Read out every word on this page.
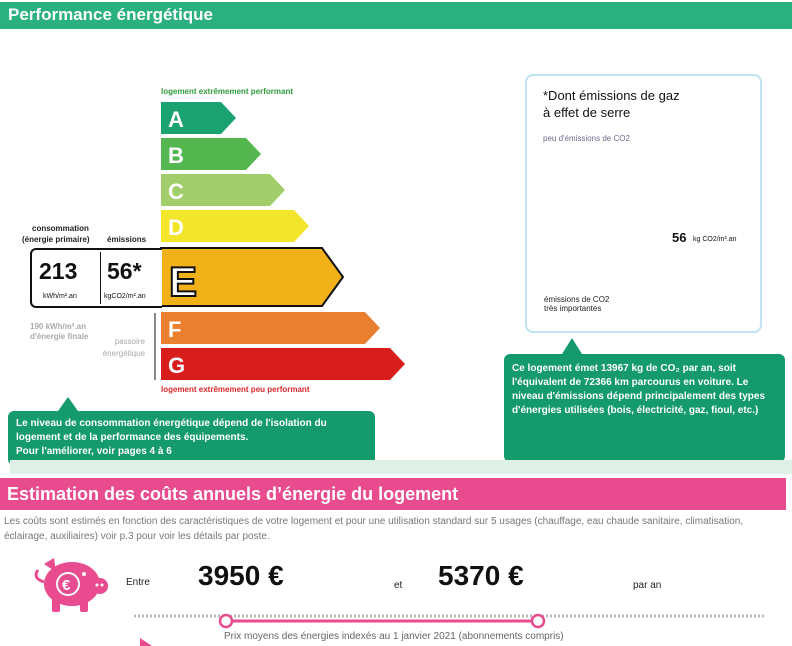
Performance énergétique
logement extrêmement performant
A
B
C
D
E
F
G
logement extrêmement peu performant
consommation
(énergie primaire) émissions
213
kWh/m².an
56*
kgCO2/m².an
190 kWh/m².an
d'énergie finale
passoire
énergétique
*Dont émissions de gaz
à effet de serre
peu d'émissions de CO2
56 kg CO2/m².an
émissions de CO2
très importantes
Ce logement émet 13967 kg de CO₂ par an, soit l'équivalent de 72366 km parcourus en voiture. Le niveau d'émissions dépend principalement des types d'énergies utilisées (bois, électricité, gaz, fioul, etc.)
Le niveau de consommation énergétique dépend de l'isolation du
logement et de la performance des équipements.
Pour l'améliorer, voir pages 4 à 6
Estimation des coûts annuels d’énergie du logement
Les coûts sont estimés en fonction des caractéristiques de votre logement et pour une utilisation standard sur 5 usages (chauffage, eau chaude sanitaire, climatisation, éclairage, auxiliaires) voir p.3 pour voir les détails par poste.
€	Entre 3950 €	et 5370 €	par an
Prix moyens des énergies indexés au 1 janvier 2021 (abonnements compris)
